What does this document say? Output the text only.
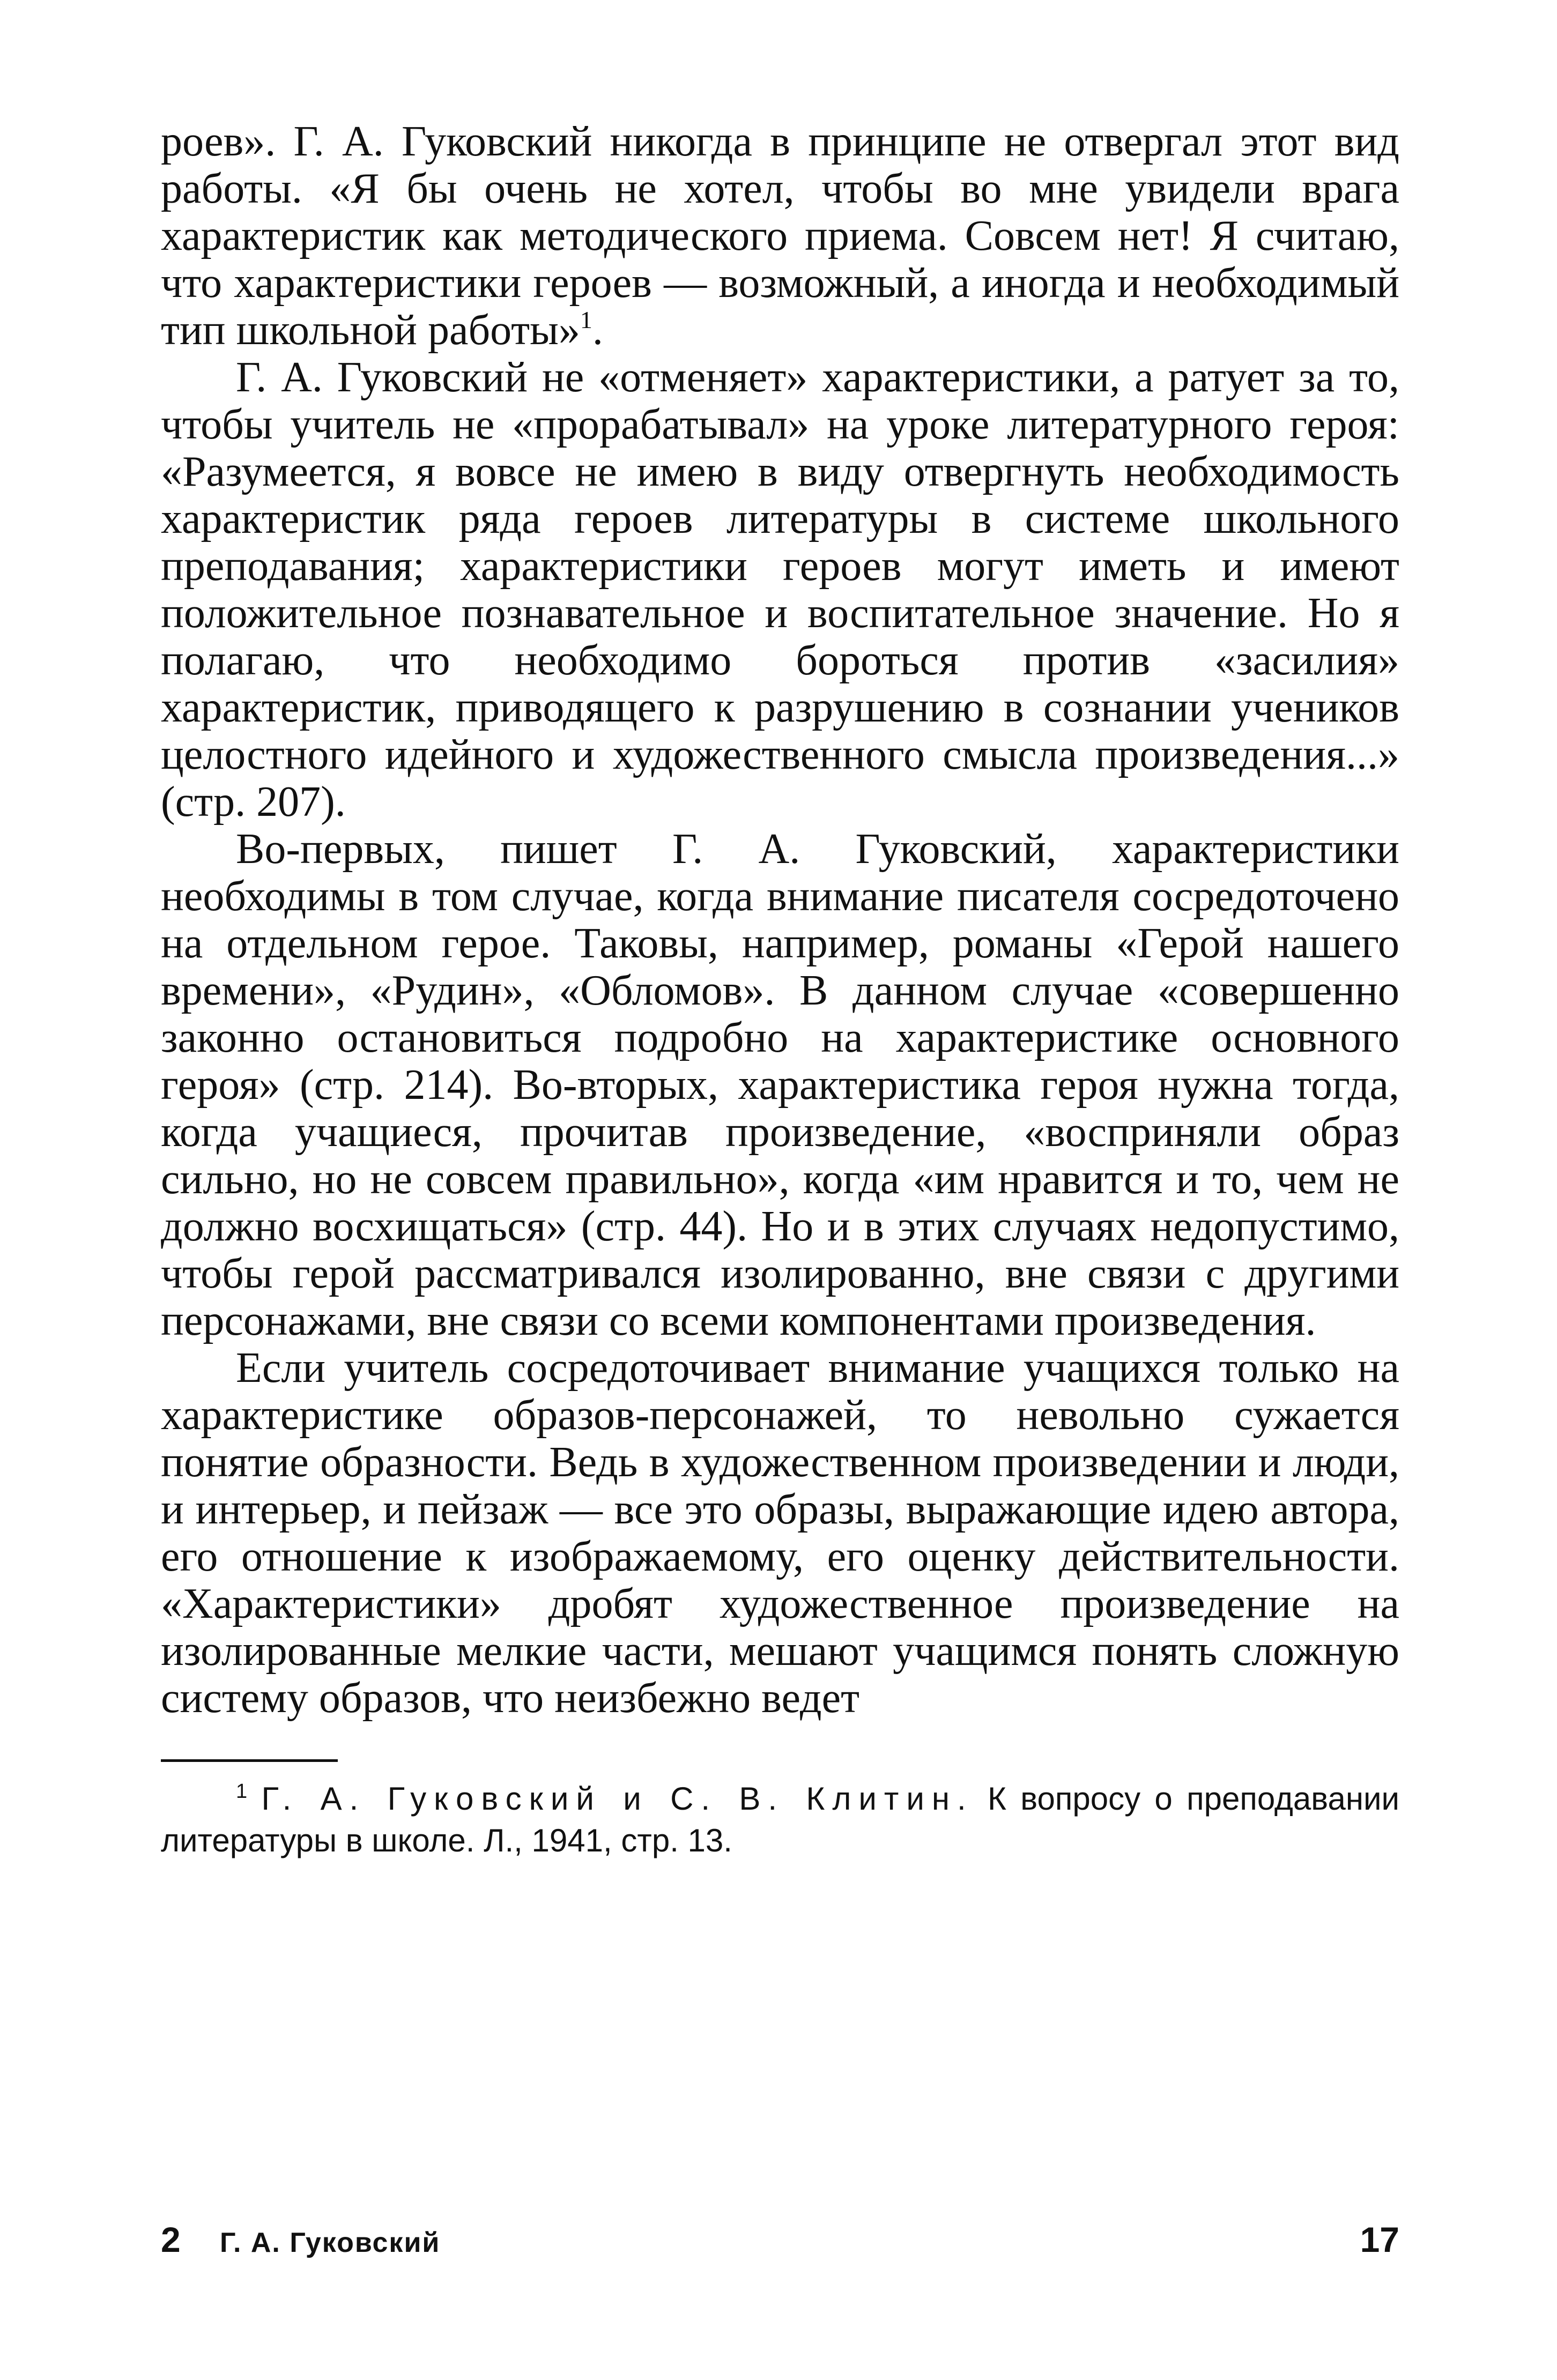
роев». Г. А. Гуковский никогда в принципе не отвергал этот вид работы. «Я бы очень не хотел, чтобы во мне увидели врага характеристик как методического приема. Совсем нет! Я считаю, что характеристики героев — возможный, а иногда и необходимый тип школьной работы»$^1$.

Г. А. Гуковский не «отменяет» характеристики, а ратует за то, чтобы учитель не «прорабатывал» на уроке литературного героя: «Разумеется, я вовсе не имею в виду отвергнуть необходимость характеристик ряда героев литературы в системе школьного преподавания; характеристики героев могут иметь и имеют положительное познавательное и воспитательное значение. Но я полагаю, что необходимо бороться против «засилия» характеристик, приводящего к разрушению в сознании учеников целостного идейного и художественного смысла произведения...» (стр. 207).

Во-первых, пишет Г. А. Гуковский, характеристики необходимы в том случае, когда внимание писателя сосредоточено на отдельном герое. Таковы, например, романы «Герой нашего времени», «Рудин», «Обломов». В данном случае «совершенно законно остановиться подробно на характеристике основного героя» (стр. 214). Во-вторых, характеристика героя нужна тогда, когда учащиеся, прочитав произведение, «восприняли образ сильно, но не совсем правильно», когда «им нравится и то, чем не должно восхищаться» (стр. 44). Но и в этих случаях недопустимо, чтобы герой рассматривался изолированно, вне связи с другими персонажами, вне связи со всеми компонентами произведения.

Если учитель сосредоточивает внимание учащихся только на характеристике образов-персонажей, то невольно сужается понятие образности. Ведь в художественном произведении и люди, и интерьер, и пейзаж — все это образы, выражающие идею автора, его отношение к изображаемому, его оценку действительности. «Характеристики» дробят художественное произведение на изолированные мелкие части, мешают учащимся понять сложную систему образов, что неизбежно ведет

$^1$ Г. А. Гуковский и С. В. Клитин. К вопросу о преподавании литературы в школе. Л., 1941, стр. 13.

2 Г. А. Гуковский	17
